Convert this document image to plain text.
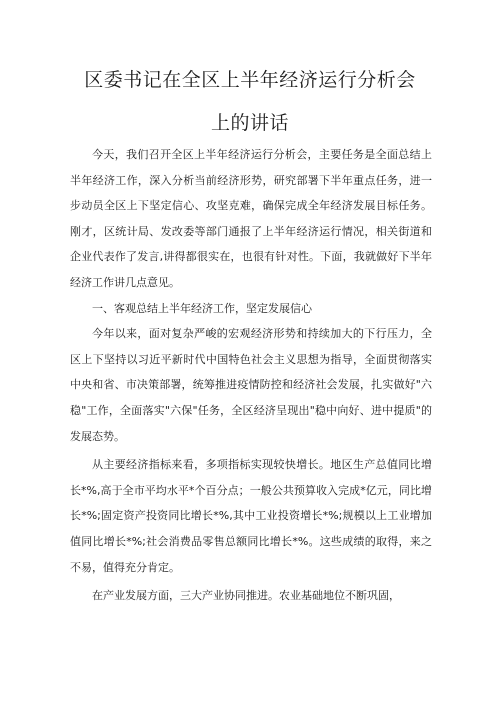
区委书记在全区上半年经济运行分析会
上的讲话

今天，我们召开全区上半年经济运行分析会，主要任务是全面总结上半年经济工作，深入分析当前经济形势，研究部署下半年重点任务，进一步动员全区上下坚定信心、攻坚克难，确保完成全年经济发展目标任务。刚才，区统计局、发改委等部门通报了上半年经济运行情况，相关街道和企业代表作了发言,讲得都很实在，也很有针对性。下面，我就做好下半年经济工作讲几点意见。

一、客观总结上半年经济工作，坚定发展信心

今年以来，面对复杂严峻的宏观经济形势和持续加大的下行压力，全区上下坚持以习近平新时代中国特色社会主义思想为指导，全面贯彻落实中央和省、市决策部署，统筹推进疫情防控和经济社会发展，扎实做好"六稳"工作，全面落实"六保"任务，全区经济呈现出"稳中向好、进中提质"的发展态势。

从主要经济指标来看，多项指标实现较快增长。地区生产总值同比增长*%,高于全市平均水平*个百分点；一般公共预算收入完成*亿元，同比增长*%;固定资产投资同比增长*%,其中工业投资增长*%;规模以上工业增加值同比增长*%;社会消费品零售总额同比增长*%。这些成绩的取得，来之不易，值得充分肯定。

在产业发展方面，三大产业协同推进。农业基础地位不断巩固，
